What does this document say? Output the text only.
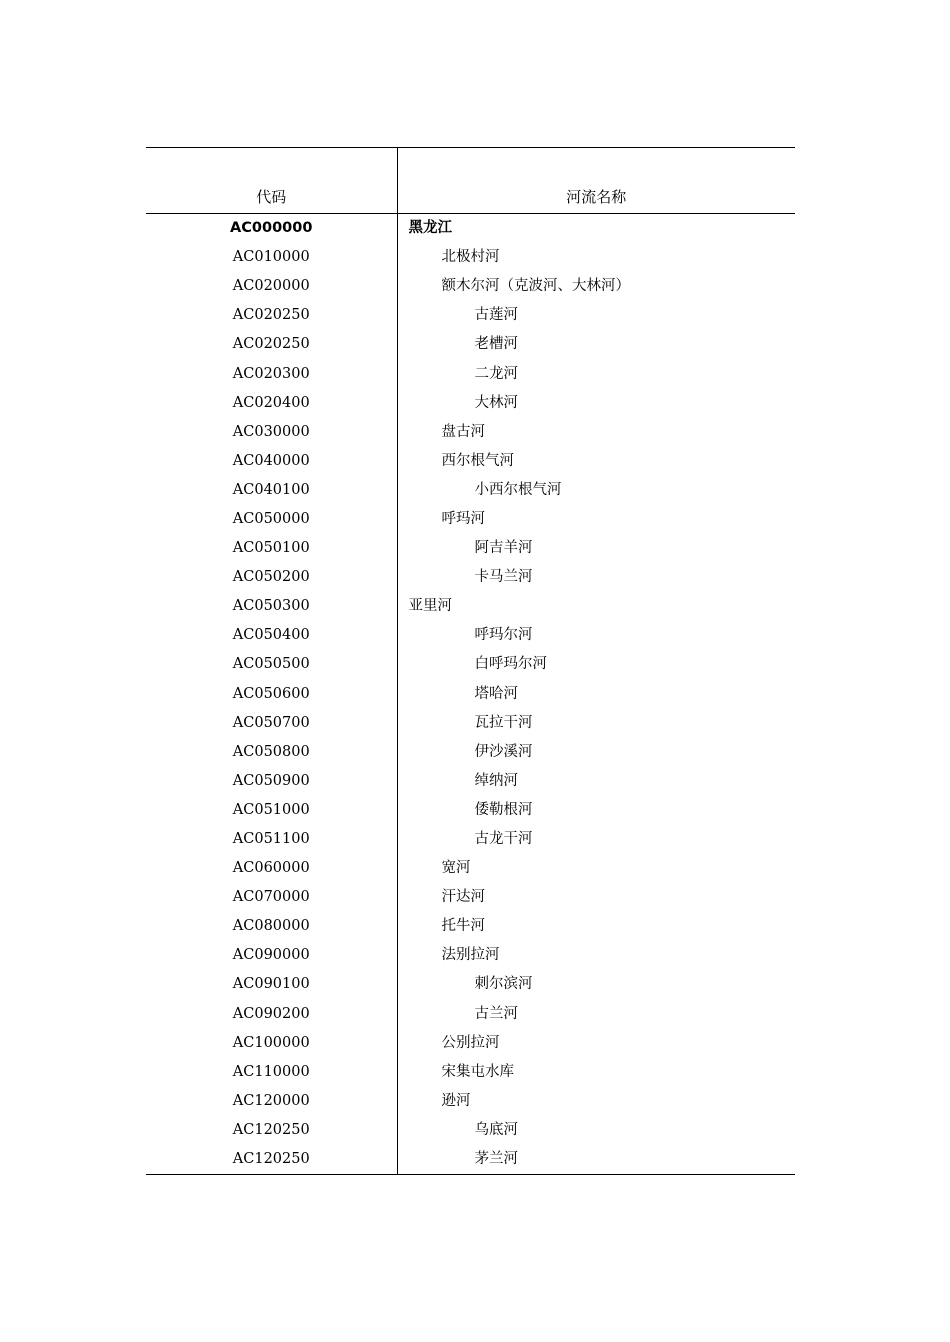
代码	河流名称
AC000000	黑龙江
AC010000	北极村河
AC020000	额木尔河（克波河、大林河）
AC020250	古莲河
AC020250	老槽河
AC020300	二龙河
AC020400	大林河
AC030000	盘古河
AC040000	西尔根气河
AC040100	小西尔根气河
AC050000	呼玛河
AC050100	阿吉羊河
AC050200	卡马兰河
AC050300	亚里河
AC050400	呼玛尔河
AC050500	白呼玛尔河
AC050600	塔哈河
AC050700	瓦拉干河
AC050800	伊沙溪河
AC050900	绰纳河
AC051000	倭勒根河
AC051100	古龙干河
AC060000	宽河
AC070000	汗达河
AC080000	托牛河
AC090000	法别拉河
AC090100	刺尔滨河
AC090200	古兰河
AC100000	公别拉河
AC110000	宋集屯水库
AC120000	逊河
AC120250	乌底河
AC120250	茅兰河
